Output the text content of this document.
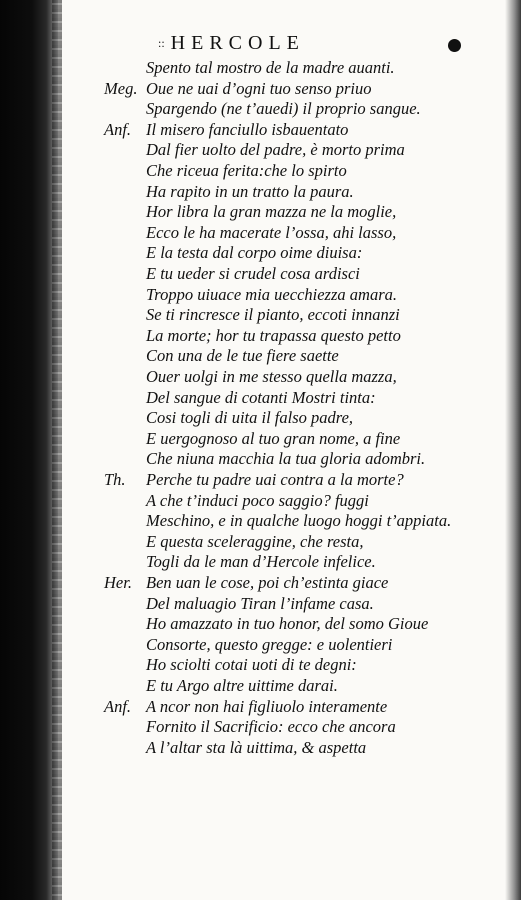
:: HERCOLE
Spento tal mostro de la madre auanti.
Meg. Oue ne uai d’ogni tuo senso priuo
Spargendo (ne t’auedi) il proprio sangue.
Anf. Il misero fanciullo isbauentato
Dal fier uolto del padre, è morto prima
Che riceua ferita:che lo spirto
Ha rapito in un tratto la paura.
Hor libra la gran mazza ne la moglie,
Ecco le ha macerate l’ossa, ahi lasso,
E la testa dal corpo oime diuisa:
E tu ueder si crudel cosa ardisci
Troppo uiuace mia uecchiezza amara.
Se ti rincresce il pianto, eccoti innanzi
La morte; hor tu trapassa questo petto
Con una de le tue fiere saette
Ouer uolgi in me stesso quella mazza,
Del sangue di cotanti Mostri tinta:
Cosi togli di uita il falso padre,
E uergognoso al tuo gran nome, a fine
Che niuna macchia la tua gloria adombri.
Th. Perche tu padre uai contra a la morte?
A che t’induci poco saggio? fuggi
Meschino, e in qualche luogo hoggi t’appiata.
E questa sceleraggine, che resta,
Togli da le man d’Hercole infelice.
Her. Ben uan le cose, poi ch’estinta giace
Del maluagio Tiran l’infame casa.
Ho amazzato in tuo honor, del somo Gioue
Consorte, questo gregge: e uolentieri
Ho sciolti cotai uoti di te degni:
E tu Argo altre uittime darai.
Anf. A ncor non hai figliuolo interamente
Fornito il Sacrificio: ecco che ancora
A l’altar sta là uittima, & aspetta
